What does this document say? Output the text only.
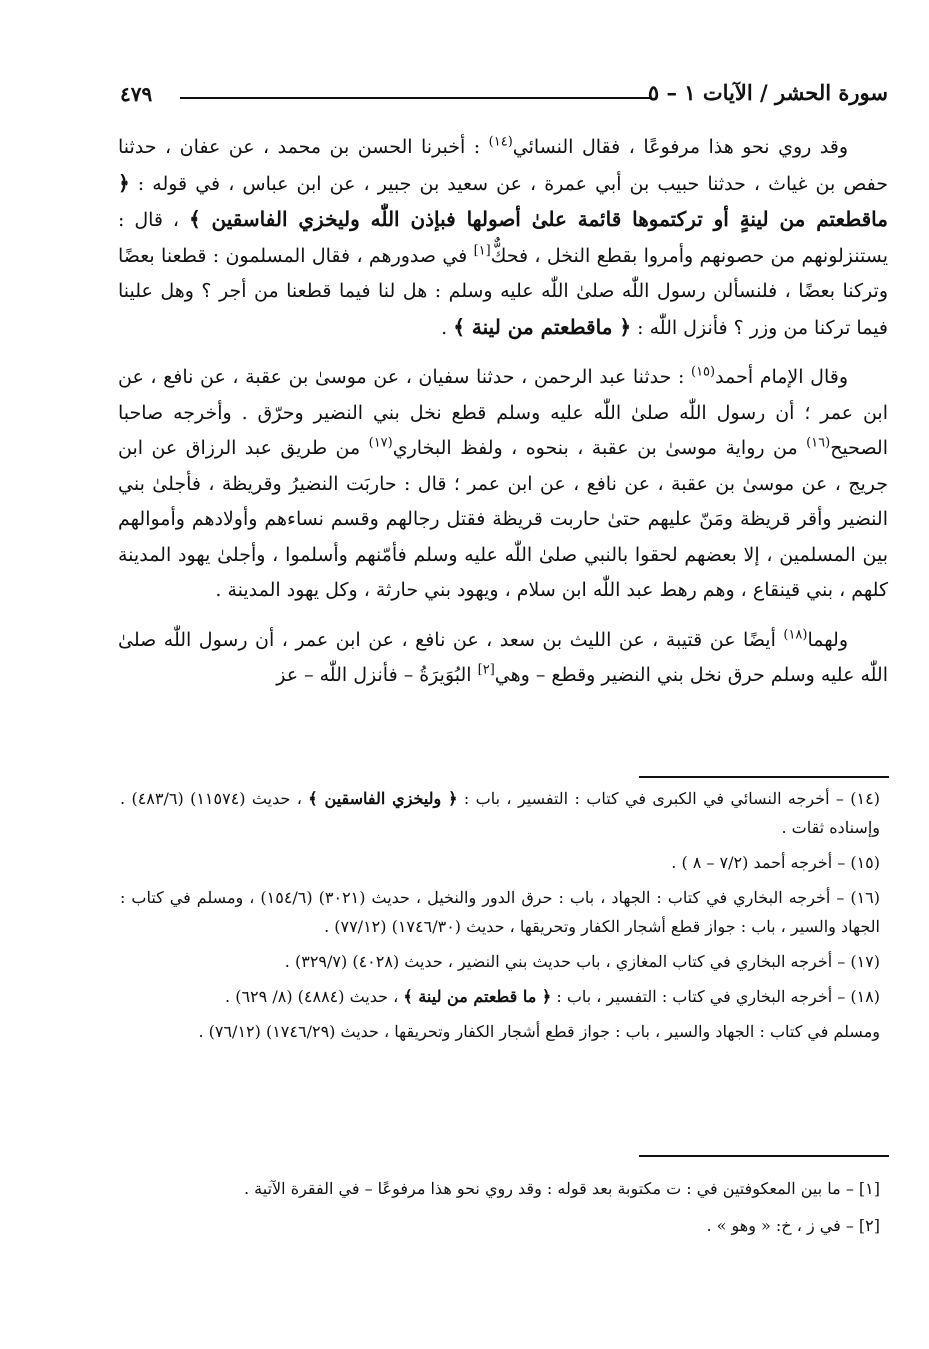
سورة الحشر / الآيات ١ – ٥
٤٧٩

وقد روي نحو هذا مرفوعًا ، فقال النسائي$^{(١٤)}$ : أخبرنا الحسن بن محمد ، عن عفان ، حدثنا حفص بن غياث ، حدثنا حبيب بن أبي عمرة ، عن سعيد بن جبير ، عن ابن عباس ، في قوله : ﴿ ماقطعتم من لينةٍ أو تركتموها قائمة علىٰ أصولها فبإذن اللّٰه وليخزي الفاسقين ﴾ ، قال : يستنزلونهم من حصونهم وأمروا بقطع النخل ، فحكٌّ[١] في صدورهم ، فقال المسلمون : قطعنا بعضًا وتركنا بعضًا ، فلنسألن رسول اللّٰه صلىٰ اللّٰه عليه وسلم : هل لنا فيما قطعنا من أجر ؟ وهل علينا فيما تركنا من وزر ؟ فأنزل اللّٰه : ﴿ ماقطعتم من لينة ﴾ .

وقال الإمام أحمد$^{(١٥)}$ : حدثنا عبد الرحمن ، حدثنا سفيان ، عن موسىٰ بن عقبة ، عن نافع ، عن ابن عمر ؛ أن رسول اللّٰه صلىٰ اللّٰه عليه وسلم قطع نخل بني النضير وحرّق . وأخرجه صاحبا الصحيح$^{(١٦)}$ من رواية موسىٰ بن عقبة ، بنحوه ، ولفظ البخاري$^{(١٧)}$ من طريق عبد الرزاق عن ابن جريج ، عن موسىٰ بن عقبة ، عن نافع ، عن ابن عمر ؛ قال : حاربَت النضيرُ وقريظة ، فأجلىٰ بني النضير وأقر قريظة ومَنّ عليهم حتىٰ حاربت قريظة فقتل رجالهم وقسم نساءهم وأولادهم وأموالهم بين المسلمين ، إلا بعضهم لحقوا بالنبي صلىٰ اللّٰه عليه وسلم فأمّنهم وأسلموا ، وأجلىٰ يهود المدينة كلهم ، بني قينقاع ، وهم رهط عبد اللّٰه ابن سلام ، ويهود بني حارثة ، وكل يهود المدينة .

ولهما$^{(١٨)}$ أيضًا عن قتيبة ، عن الليث بن سعد ، عن نافع ، عن ابن عمر ، أن رسول اللّٰه صلىٰ اللّٰه عليه وسلم حرق نخل بني النضير وقطع – وهي[٢] البُوَيرَةُ – فأنزل اللّٰه – عز

(١٤) – أخرجه النسائي في الكبرى في كتاب : التفسير ، باب : ﴿ وليخزي الفاسقين ﴾ ، حديث (١١٥٧٤) (٤٨٣/٦) . وإسناده ثقات .

(١٥) – أخرجه أحمد (٧/٢ – ٨ ) .

(١٦) – أخرجه البخاري في كتاب : الجهاد ، باب : حرق الدور والنخيل ، حديث (٣٠٢١) (١٥٤/٦) ، ومسلم في كتاب : الجهاد والسير ، باب : جواز قطع أشجار الكفار وتحريقها ، حديث (١٧٤٦/٣٠) (٧٧/١٢) .

(١٧) – أخرجه البخاري في كتاب المغازي ، باب حديث بني النضير ، حديث (٤٠٢٨) (٣٢٩/٧) .

(١٨) – أخرجه البخاري في كتاب : التفسير ، باب : ﴿ ما قطعتم من لينة ﴾ ، حديث (٤٨٨٤) (٨/ ٦٢٩) .

ومسلم في كتاب : الجهاد والسير ، باب : جواز قطع أشجار الكفار وتحريقها ، حديث (١٧٤٦/٢٩) (٧٦/١٢) .

[١] – ما بين المعكوفتين في : ت مكتوبة بعد قوله : وقد روي نحو هذا مرفوعًا – في الفقرة الآتية .

[٢] – في ز ، خ: « وهو » .
